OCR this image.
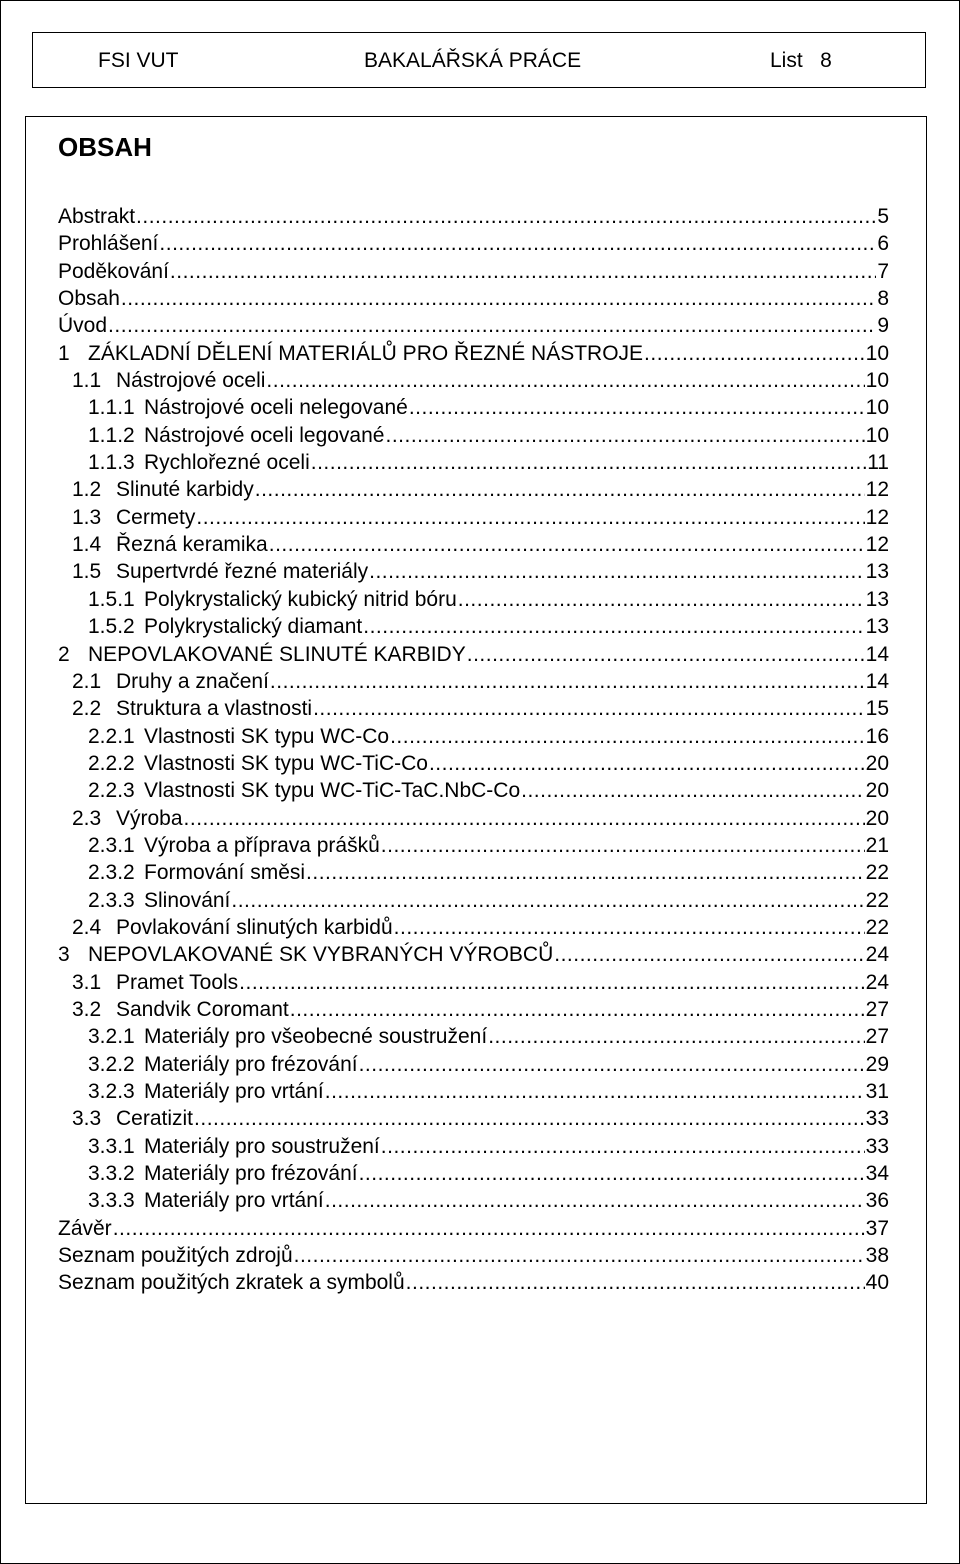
FSI VUT	BAKALÁŘSKÁ PRÁCE	List   8
OBSAH
Abstrakt .....	5
Prohlášení .....	6
Poděkování .....	7
Obsah .....	8
Úvod .....	9
1 ZÁKLADNÍ DĚLENÍ MATERIÁLŮ PRO ŘEZNÉ NÁSTROJE .....	10
1.1 Nástrojové oceli .....	10
1.1.1 Nástrojové oceli nelegované .....	10
1.1.2 Nástrojové oceli legované .....	10
1.1.3 Rychlořezné oceli .....	11
1.2 Slinuté karbidy .....	12
1.3 Cermety .....	12
1.4 Řezná keramika .....	12
1.5 Supertvrdé řezné materiály .....	13
1.5.1 Polykrystalický kubický nitrid bóru .....	13
1.5.2 Polykrystalický diamant .....	13
2 NEPOVLAKOVANÉ SLINUTÉ KARBIDY .....	14
2.1 Druhy a značení .....	14
2.2 Struktura a vlastnosti .....	15
2.2.1 Vlastnosti SK typu WC-Co .....	16
2.2.2 Vlastnosti SK typu WC-TiC-Co .....	20
2.2.3 Vlastnosti SK typu WC-TiC-TaC.NbC-Co .....	20
2.3 Výroba .....	20
2.3.1 Výroba a příprava prášků .....	21
2.3.2 Formování směsi .....	22
2.3.3 Slinování .....	22
2.4 Povlakování slinutých karbidů .....	22
3 NEPOVLAKOVANÉ SK VYBRANÝCH VÝROBCŮ .....	24
3.1 Pramet Tools .....	24
3.2 Sandvik Coromant .....	27
3.2.1 Materiály pro všeobecné soustružení .....	27
3.2.2 Materiály pro frézování .....	29
3.2.3 Materiály pro vrtání .....	31
3.3 Ceratizit .....	33
3.3.1 Materiály pro soustružení .....	33
3.3.2 Materiály pro frézování .....	34
3.3.3 Materiály pro vrtání .....	36
Závěr .....	37
Seznam použitých zdrojů .....	38
Seznam použitých zkratek a symbolů .....	40
